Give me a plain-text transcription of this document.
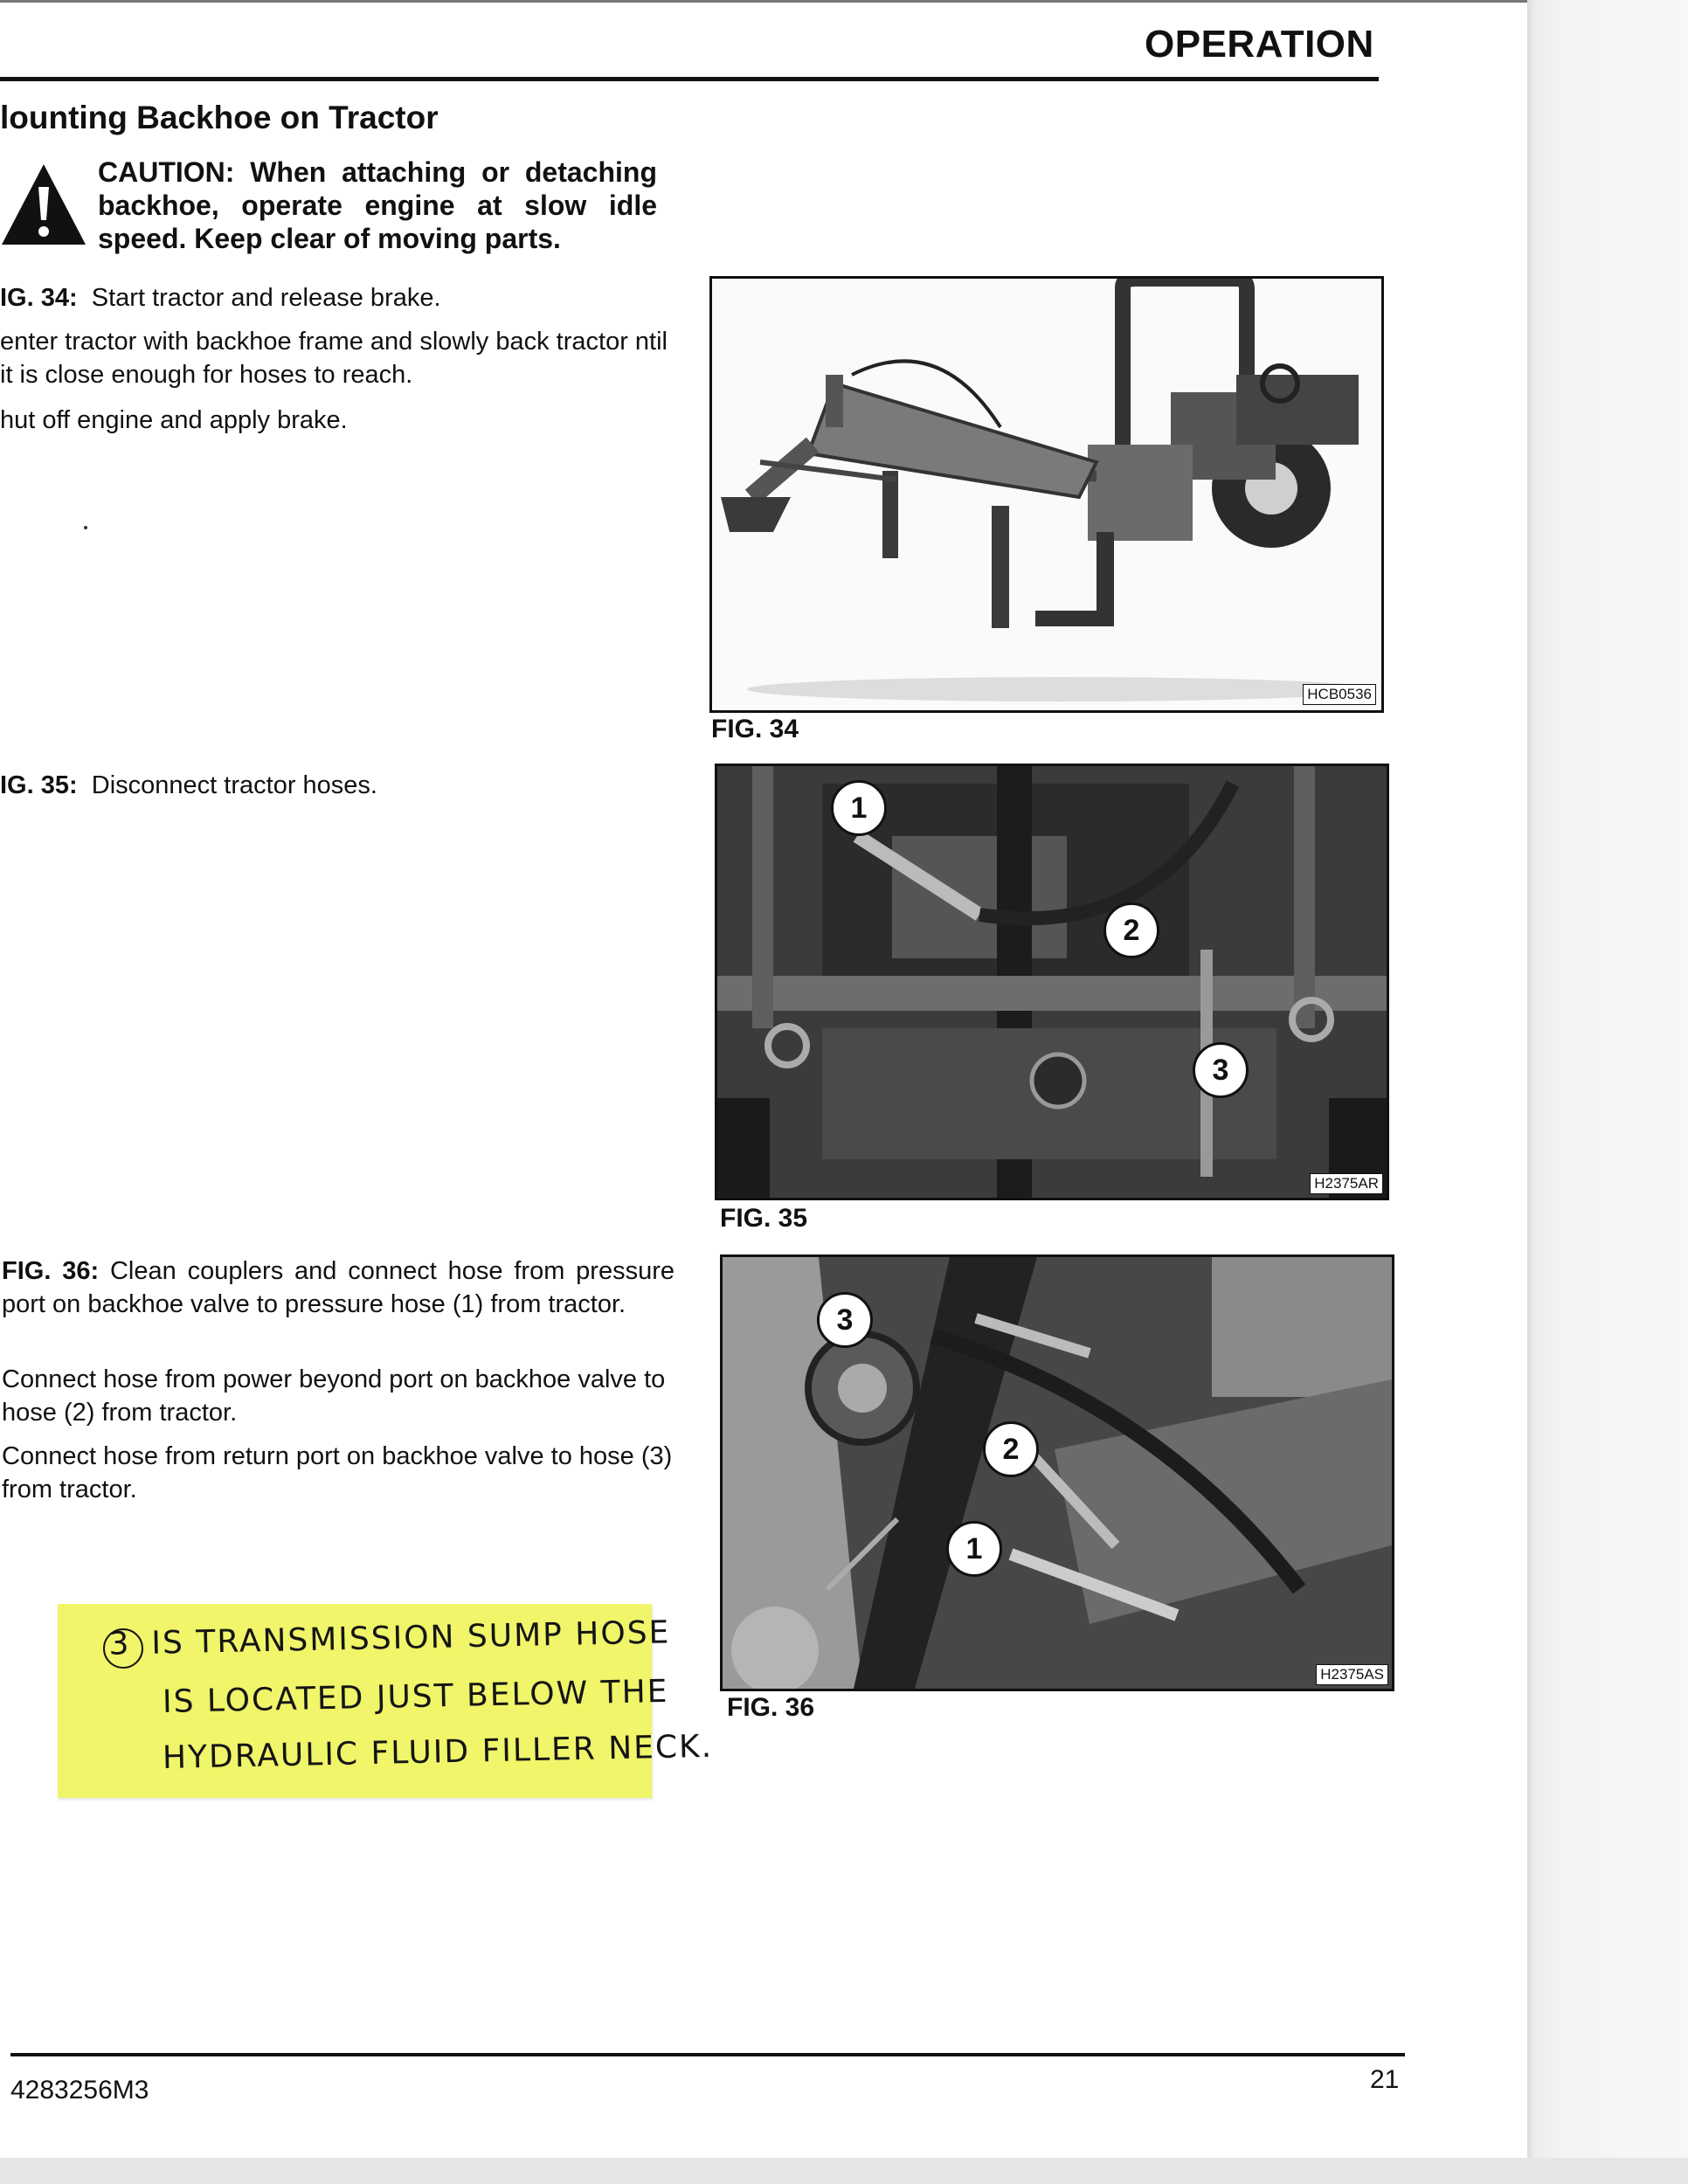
OPERATION
lounting Backhoe on Tractor
CAUTION: When attaching or detaching backhoe, operate engine at slow idle speed. Keep clear of moving parts.
IG. 34: Start tractor and release brake.
enter tractor with backhoe frame and slowly back tractor ntil it is close enough for hoses to reach.
hut off engine and apply brake.
IG. 35: Disconnect tractor hoses.
FIG. 36: Clean couplers and connect hose from pressure port on backhoe valve to pressure hose (1) from tractor.
Connect hose from power beyond port on backhoe valve to hose (2) from tractor.
Connect hose from return port on backhoe valve to hose (3) from tractor.
HCB0536
FIG. 34
1
2
3
H2375AR
FIG. 35
3
2
1
H2375AS
FIG. 36
3 IS TRANSMISSION SUMP HOSE
IS LOCATED JUST BELOW THE
HYDRAULIC FLUID FILLER NECK.
4283256M3	21
